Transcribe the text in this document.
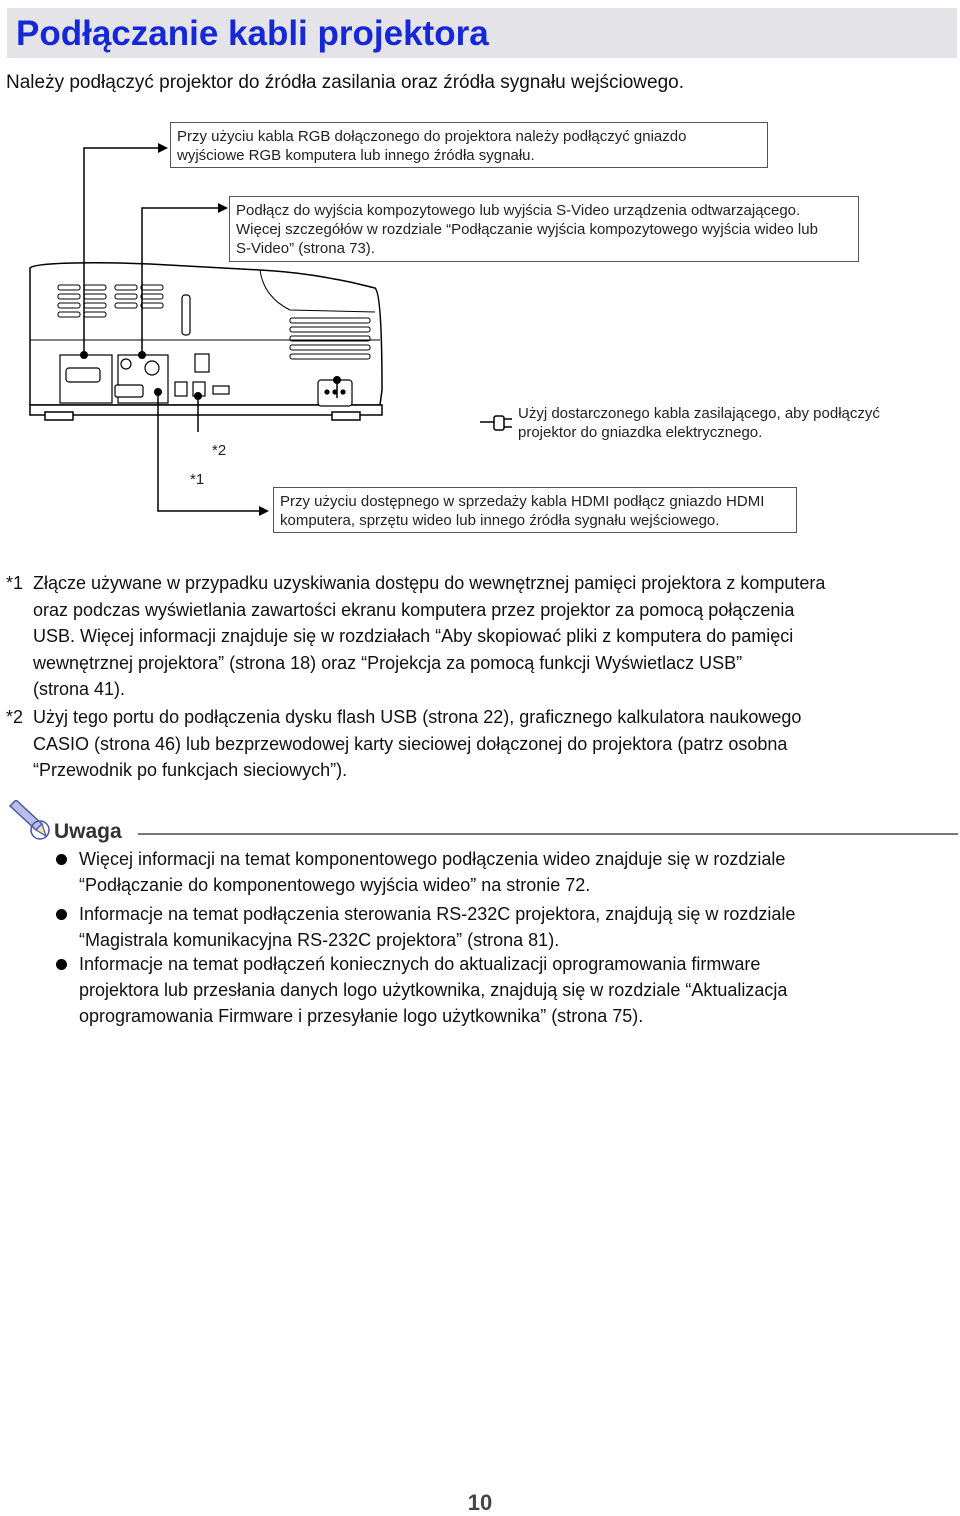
Podłączanie kabli projektora
Należy podłączyć projektor do źródła zasilania oraz źródła sygnału wejściowego.
Przy użyciu kabla RGB dołączonego do projektora należy podłączyć gniazdo
wyjściowe RGB komputera lub innego źródła sygnału.
Podłącz do wyjścia kompozytowego lub wyjścia S-Video urządzenia odtwarzającego.
Więcej szczegółów w rozdziale “Podłączanie wyjścia kompozytowego wyjścia wideo lub
S-Video” (strona 73).
Użyj dostarczonego kabla zasilającego, aby podłączyć
projektor do gniazdka elektrycznego.
Przy użyciu dostępnego w sprzedaży kabla HDMI podłącz gniazdo HDMI
komputera, sprzętu wideo lub innego źródła sygnału wejściowego.
*2
*1
*1 Złącze używane w przypadku uzyskiwania dostępu do wewnętrznej pamięci projektora z komputera
oraz podczas wyświetlania zawartości ekranu komputera przez projektor za pomocą połączenia
USB. Więcej informacji znajduje się w rozdziałach “Aby skopiować pliki z komputera do pamięci
wewnętrznej projektora” (strona 18) oraz “Projekcja za pomocą funkcji Wyświetlacz USB”
(strona 41).
*2 Użyj tego portu do podłączenia dysku flash USB (strona 22), graficznego kalkulatora naukowego
CASIO (strona 46) lub bezprzewodowej karty sieciowej dołączonej do projektora (patrz osobna
“Przewodnik po funkcjach sieciowych”).
Uwaga
Więcej informacji na temat komponentowego podłączenia wideo znajduje się w rozdziale
“Podłączanie do komponentowego wyjścia wideo” na stronie 72.
Informacje na temat podłączenia sterowania RS-232C projektora, znajdują się w rozdziale
“Magistrala komunikacyjna RS-232C projektora” (strona 81).
Informacje na temat podłączeń koniecznych do aktualizacji oprogramowania firmware
projektora lub przesłania danych logo użytkownika, znajdują się w rozdziale “Aktualizacja
oprogramowania Firmware i przesyłanie logo użytkownika” (strona 75).
10
